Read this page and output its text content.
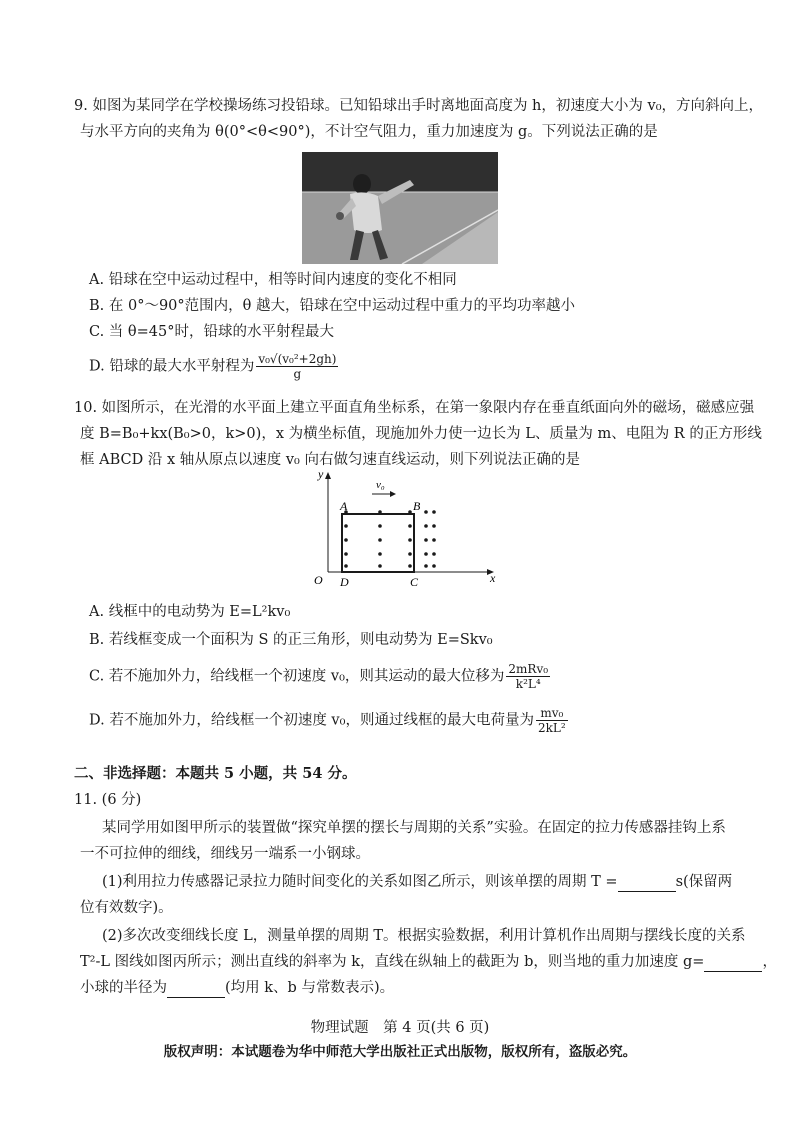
9. 如图为某同学在学校操场练习投铅球。已知铅球出手时离地面高度为 h，初速度大小为 v₀，方向斜向上，
与水平方向的夹角为 θ(0°<θ<90°)，不计空气阻力，重力加速度为 g。下列说法正确的是
A. 铅球在空中运动过程中，相等时间内速度的变化不相同
B. 在 0°～90°范围内，θ 越大，铅球在空中运动过程中重力的平均功率越小
C. 当 θ=45°时，铅球的水平射程最大
D. 铅球的最大水平射程为 $\frac{\text{v₀√(v₀²+2gh)}}{g}$
10. 如图所示，在光滑的水平面上建立平面直角坐标系，在第一象限内存在垂直纸面向外的磁场，磁感应强
度 B=B₀+kx(B₀>0，k>0)，x 为横坐标值，现施加外力使一边长为 L、质量为 m、电阻为 R 的正方形线
框 ABCD 沿 x 轴从原点以速度 v₀ 向右做匀速直线运动，则下列说法正确的是
v₀
y
x
O
A	B
C
D
A. 线框中的电动势为 E=L²kv₀
B. 若线框变成一个面积为 S 的正三角形，则电动势为 E=Skv₀
C. 若不施加外力，给线框一个初速度 v₀，则其运动的最大位移为 $\frac{\text{2mRv₀}}{\text{k²L⁴}}$
D. 若不施加外力，给线框一个初速度 v₀，则通过线框的最大电荷量为 $\frac{\text{mv₀}}{\text{2kL²}}$
二、非选择题：本题共 5 小题，共 54 分。
11. (6 分)
某同学用如图甲所示的装置做“探究单摆的摆长与周期的关系”实验。在固定的拉力传感器挂钩上系
一不可拉伸的细线，细线另一端系一小钢球。
(1)利用拉力传感器记录拉力随时间变化的关系如图乙所示，则该单摆的周期 T =	s(保留两
位有效数字)。
(2)多次改变细线长度 L，测量单摆的周期 T。根据实验数据，利用计算机作出周期与摆线长度的关系
T²-L 图线如图丙所示；测出直线的斜率为 k，直线在纵轴上的截距为 b，则当地的重力加速度 g=	，
小球的半径为	(均用 k、b 与常数表示)。
物理试题　第 4 页(共 6 页)
版权声明：本试题卷为华中师范大学出版社正式出版物，版权所有，盗版必究。
